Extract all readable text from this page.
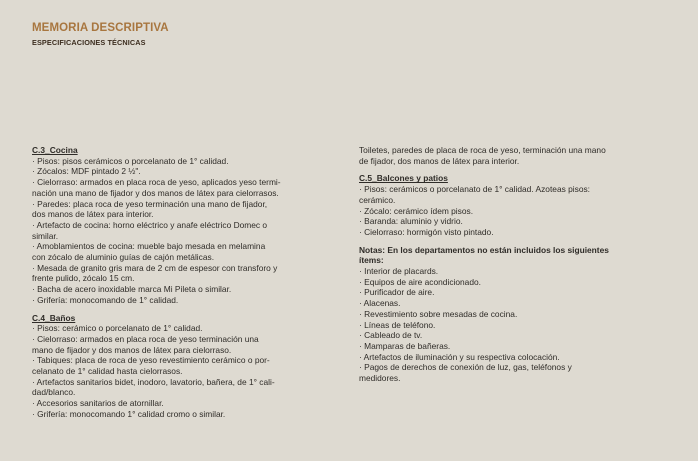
MEMORIA DESCRIPTIVA
ESPECIFICACIONES TÉCNICAS
C.3_Cocina
· Pisos: pisos cerámicos o porcelanato de 1° calidad.
· Zócalos: MDF pintado 2 ½".
· Cielorraso: armados en placa roca de yeso, aplicados yeso termi-
nación una mano de fijador y dos manos de látex para cielorrasos.
· Paredes: placa roca de yeso terminación una mano de fijador,
dos manos de látex para interior.
· Artefacto de cocina: horno eléctrico y anafe eléctrico Domec o
similar.
· Amoblamientos de cocina: mueble bajo mesada en melamina
con zócalo de aluminio guías de cajón metálicas.
· Mesada de granito gris mara de 2 cm de espesor con transforo y
frente pulido, zócalo 15 cm.
· Bacha de acero inoxidable marca Mi Pileta o similar.
· Grifería: monocomando de 1° calidad.
C.4_Baños
· Pisos: cerámico o porcelanato de 1° calidad.
· Cielorraso: armados en placa roca de yeso terminación una
mano de fijador y dos manos de látex para cielorraso.
· Tabiques: placa de roca de yeso revestimiento cerámico o por-
celanato de 1° calidad hasta cielorrasos.
· Artefactos sanitarios bidet, inodoro, lavatorio, bañera, de 1° cali-
dad/blanco.
· Accesorios sanitarios de atornillar.
· Grifería: monocomando 1° calidad cromo o similar.
Toiletes, paredes de placa de roca de yeso, terminación una mano
de fijador, dos manos de látex para interior.
C.5_Balcones y patios
· Pisos: cerámicos o porcelanato de 1° calidad. Azoteas pisos:
cerámico.
· Zócalo: cerámico ídem pisos.
· Baranda: aluminio y vidrio.
· Cielorraso: hormigón visto pintado.
Notas: En los departamentos no están incluidos los siguientes
ítems:
· Interior de placards.
· Equipos de aire acondicionado.
· Purificador de aire.
· Alacenas.
· Revestimiento sobre mesadas de cocina.
· Líneas de teléfono.
· Cableado de tv.
· Mamparas de bañeras.
· Artefactos de iluminación y su respectiva colocación.
· Pagos de derechos de conexión de luz, gas, teléfonos y
medidores.
